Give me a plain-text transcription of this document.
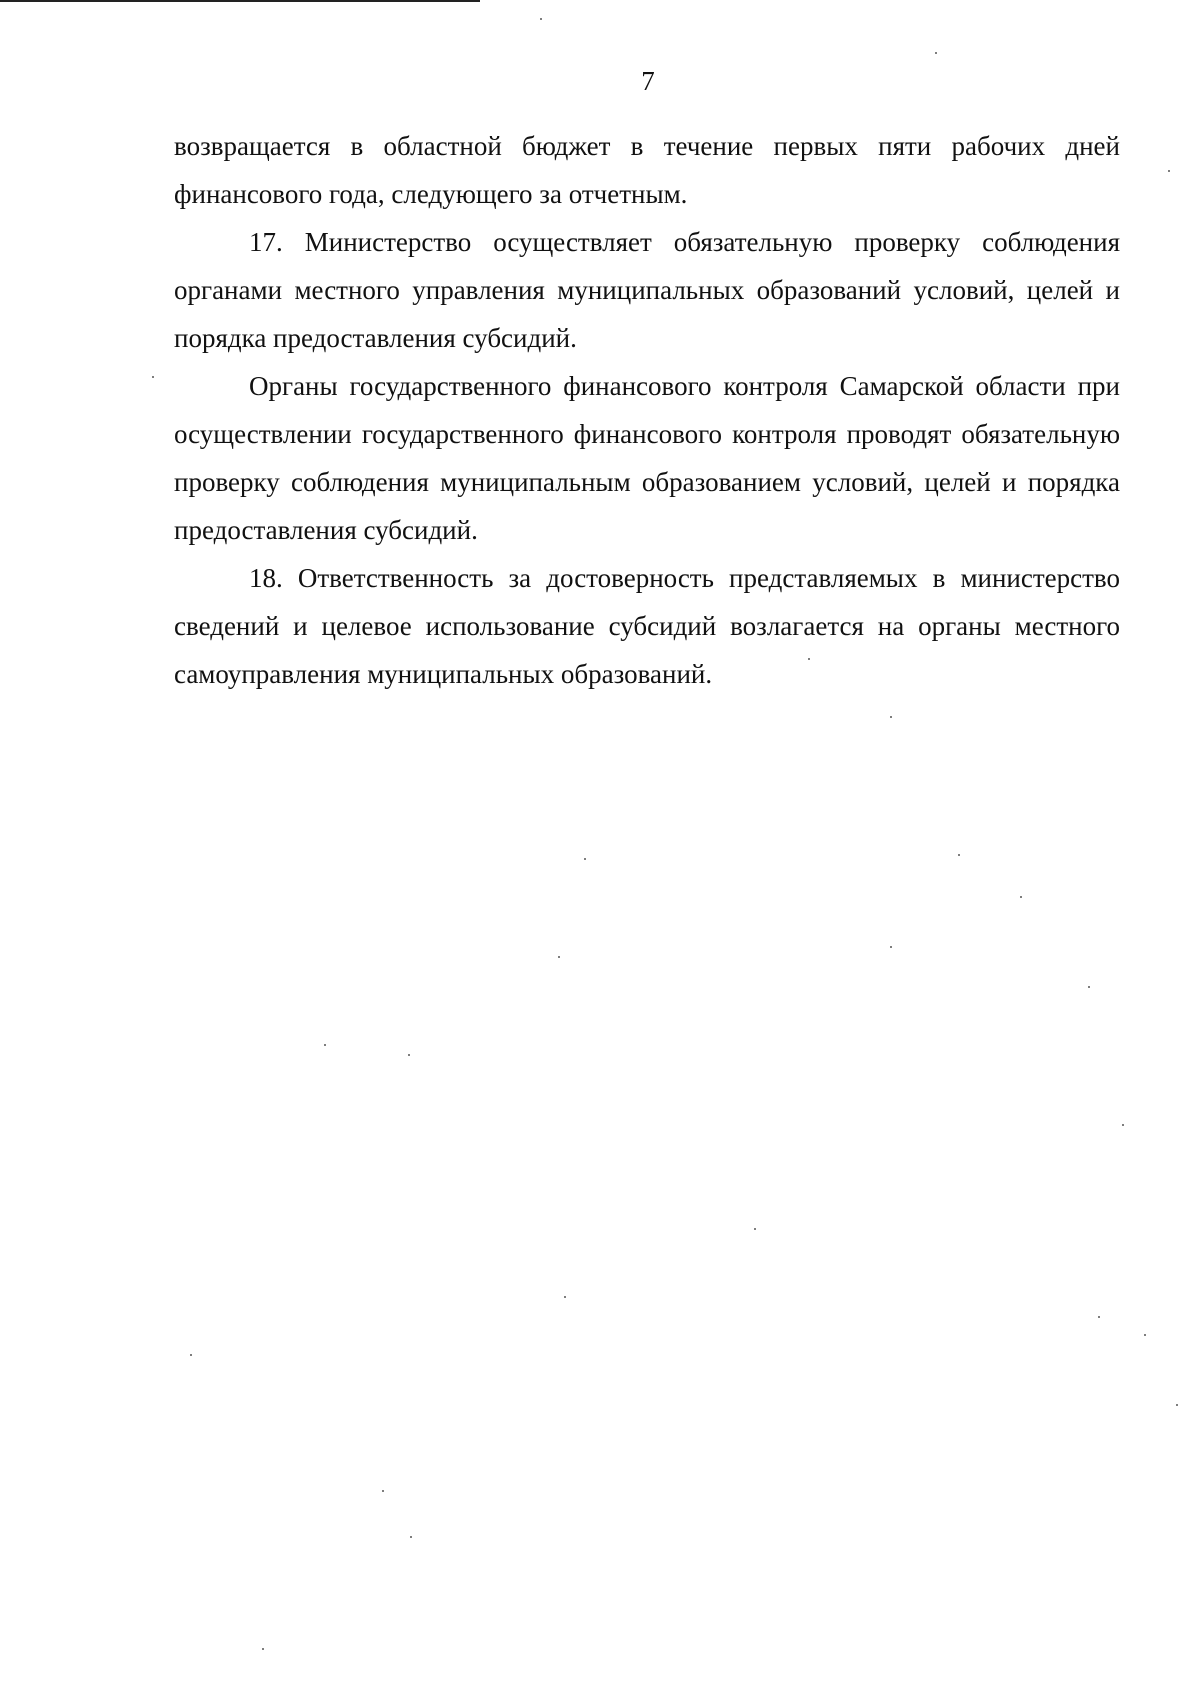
7

возвращается в областной бюджет в течение первых пяти рабочих дней финансового года, следующего за отчетным.

17. Министерство осуществляет обязательную проверку соблюдения органами местного управления муниципальных образований условий, целей и порядка предоставления субсидий.

Органы государственного финансового контроля Самарской области при осуществлении государственного финансового контроля проводят обязательную проверку соблюдения муниципальным образованием условий, целей и порядка предоставления субсидий.

18. Ответственность за достоверность представляемых в министерство сведений и целевое использование субсидий возлагается на органы местного самоуправления муниципальных образований.
